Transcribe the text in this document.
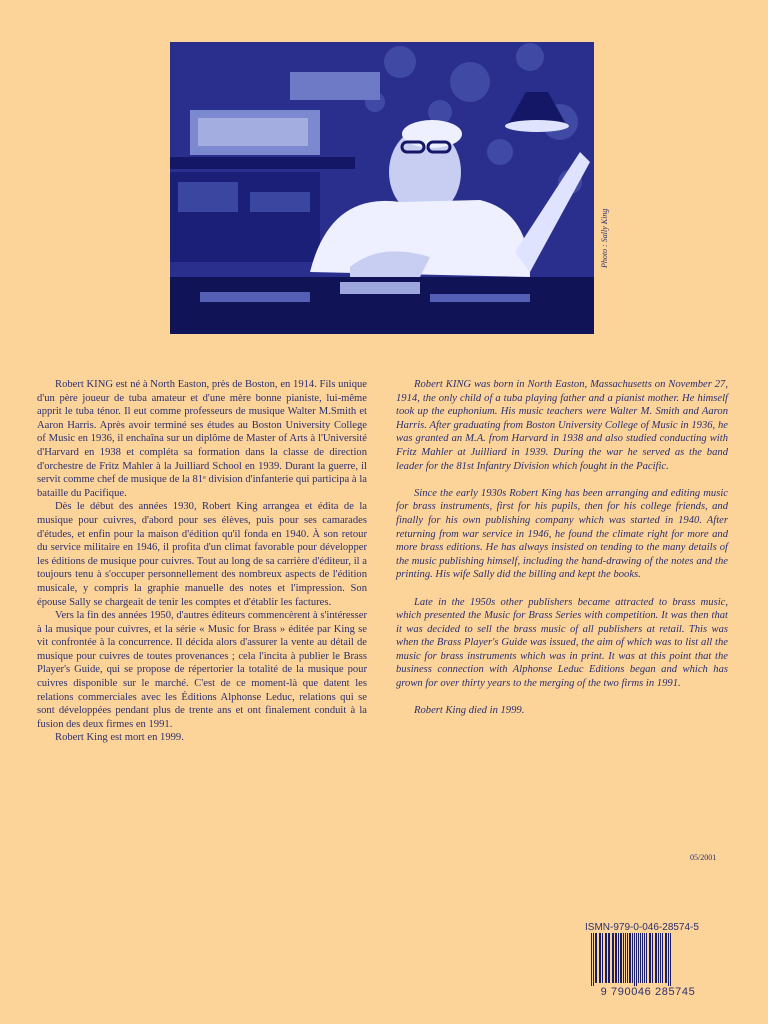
Photo : Sally King

Robert KING est né à North Easton, près de Boston, en 1914. Fils unique d'un père joueur de tuba amateur et d'une mère bonne pianiste, lui-même apprit le tuba ténor. Il eut comme professeurs de musique Walter M.Smith et Aaron Harris. Après avoir terminé ses études au Boston University College of Music en 1936, il enchaîna sur un diplôme de Master of Arts à l'Université d'Harvard en 1938 et compléta sa formation dans la classe de direction d'orchestre de Fritz Mahler à la Juilliard School en 1939. Durant la guerre, il servit comme chef de musique de la 81ᵉ division d'infanterie qui participa à la bataille du Pacifique.

Dès le début des années 1930, Robert King arrangea et édita de la musique pour cuivres, d'abord pour ses élèves, puis pour ses camarades d'études, et enfin pour la maison d'édition qu'il fonda en 1940. À son retour du service militaire en 1946, il profita d'un climat favorable pour développer les éditions de musique pour cuivres. Tout au long de sa carrière d'éditeur, il a toujours tenu à s'occuper personnellement des nombreux aspects de l'édition musicale, y compris la graphie manuelle des notes et l'impression. Son épouse Sally se chargeait de tenir les comptes et d'établir les factures.

Vers la fin des années 1950, d'autres éditeurs commencèrent à s'intéresser à la musique pour cuivres, et la série « Music for Brass » éditée par King se vit confrontée à la concurrence. Il décida alors d'assurer la vente au détail de musique pour cuivres de toutes provenances ; cela l'incita à publier le Brass Player's Guide, qui se propose de répertorier la totalité de la musique pour cuivres disponible sur le marché. C'est de ce moment-là que datent les relations commerciales avec les Éditions Alphonse Leduc, relations qui se sont développées pendant plus de trente ans et ont finalement conduit à la fusion des deux firmes en 1991.

Robert King est mort en 1999.

Robert KING was born in North Easton, Massachusetts on November 27, 1914, the only child of a tuba playing father and a pianist mother. He himself took up the euphonium. His music teachers were Walter M. Smith and Aaron Harris. After graduating from Boston University College of Music in 1936, he was granted an M.A. from Harvard in 1938 and also studied conducting with Fritz Mahler at Juilliard in 1939. During the war he served as the band leader for the 81st Infantry Division which fought in the Pacific.

Since the early 1930s Robert King has been arranging and editing music for brass instruments, first for his pupils, then for his college friends, and finally for his own publishing company which was started in 1940. After returning from war service in 1946, he found the climate right for more and more brass editions. He has always insisted on tending to the many details of the music publishing himself, including the hand-drawing of the notes and the printing. His wife Sally did the billing and kept the books.

Late in the 1950s other publishers became attracted to brass music, which presented the Music for Brass Series with competition. It was then that it was decided to sell the brass music of all publishers at retail. This was when the Brass Player's Guide was issued, the aim of which was to list all the music for brass instruments which was in print. It was at this point that the business connection with Alphonse Leduc Editions began and which has grown for over thirty years to the merging of the two firms in 1991.

Robert King died in 1999.

05/2001
ISMN-979-0-046-28574-5
9 790046 285745
